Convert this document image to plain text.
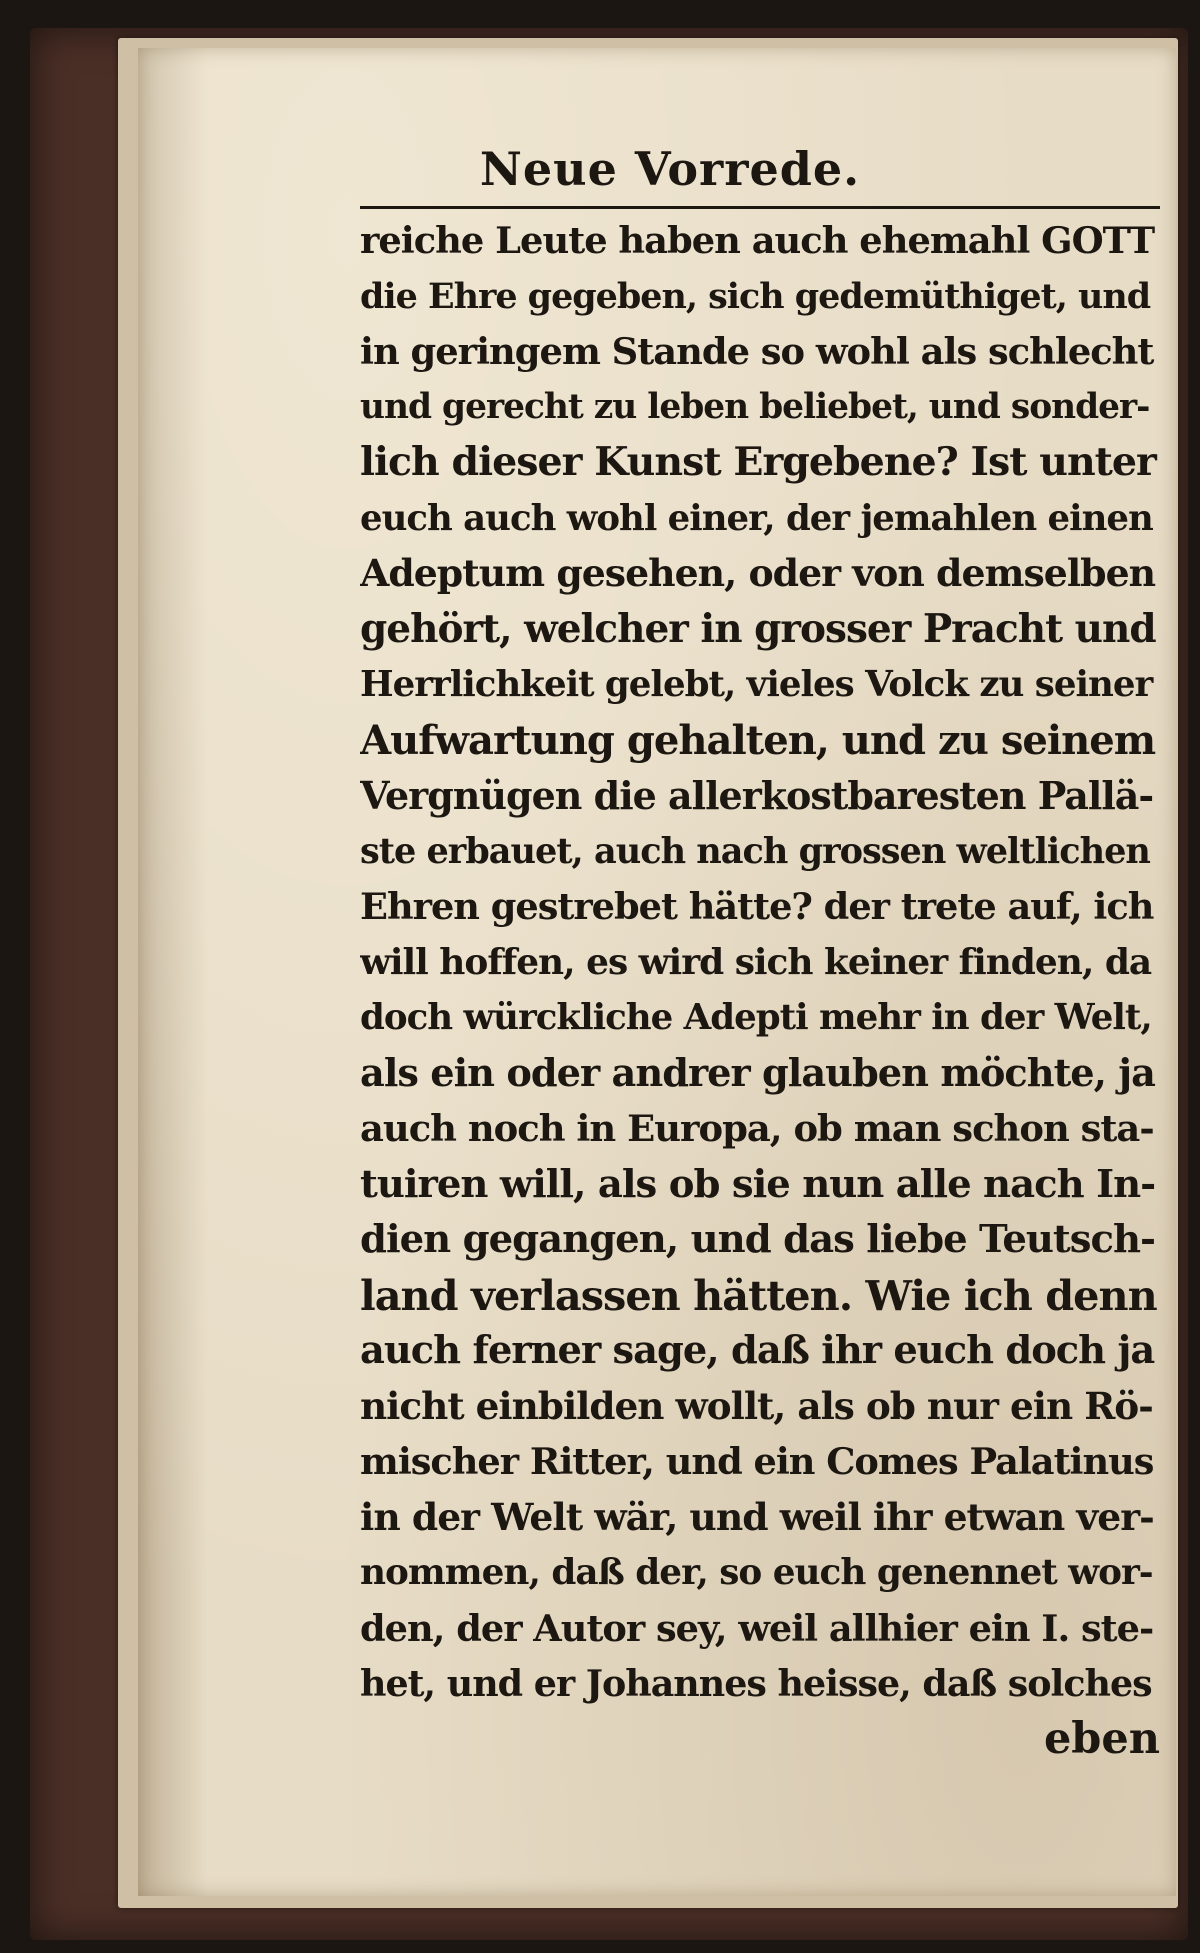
Neue Vorrede.
reiche Leute haben auch ehemahl GOTT
die Ehre gegeben, sich gedemüthiget, und
in geringem Stande so wohl als schlecht
und gerecht zu leben beliebet, und sonder-
lich dieser Kunst Ergebene? Ist unter
euch auch wohl einer, der jemahlen einen
Adeptum gesehen, oder von demselben
gehört, welcher in grosser Pracht und
Herrlichkeit gelebt, vieles Volck zu seiner
Aufwartung gehalten, und zu seinem
Vergnügen die allerkostbaresten Pallä-
ste erbauet, auch nach grossen weltlichen
Ehren gestrebet hätte? der trete auf, ich
will hoffen, es wird sich keiner finden, da
doch würckliche Adepti mehr in der Welt,
als ein oder andrer glauben möchte, ja
auch noch in Europa, ob man schon sta-
tuiren will, als ob sie nun alle nach In-
dien gegangen, und das liebe Teutsch-
land verlassen hätten. Wie ich denn
auch ferner sage, daß ihr euch doch ja
nicht einbilden wollt, als ob nur ein Rö-
mischer Ritter, und ein Comes Palatinus
in der Welt wär, und weil ihr etwan ver-
nommen, daß der, so euch genennet wor-
den, der Autor sey, weil allhier ein I. ste-
het, und er Johannes heisse, daß solches
eben
